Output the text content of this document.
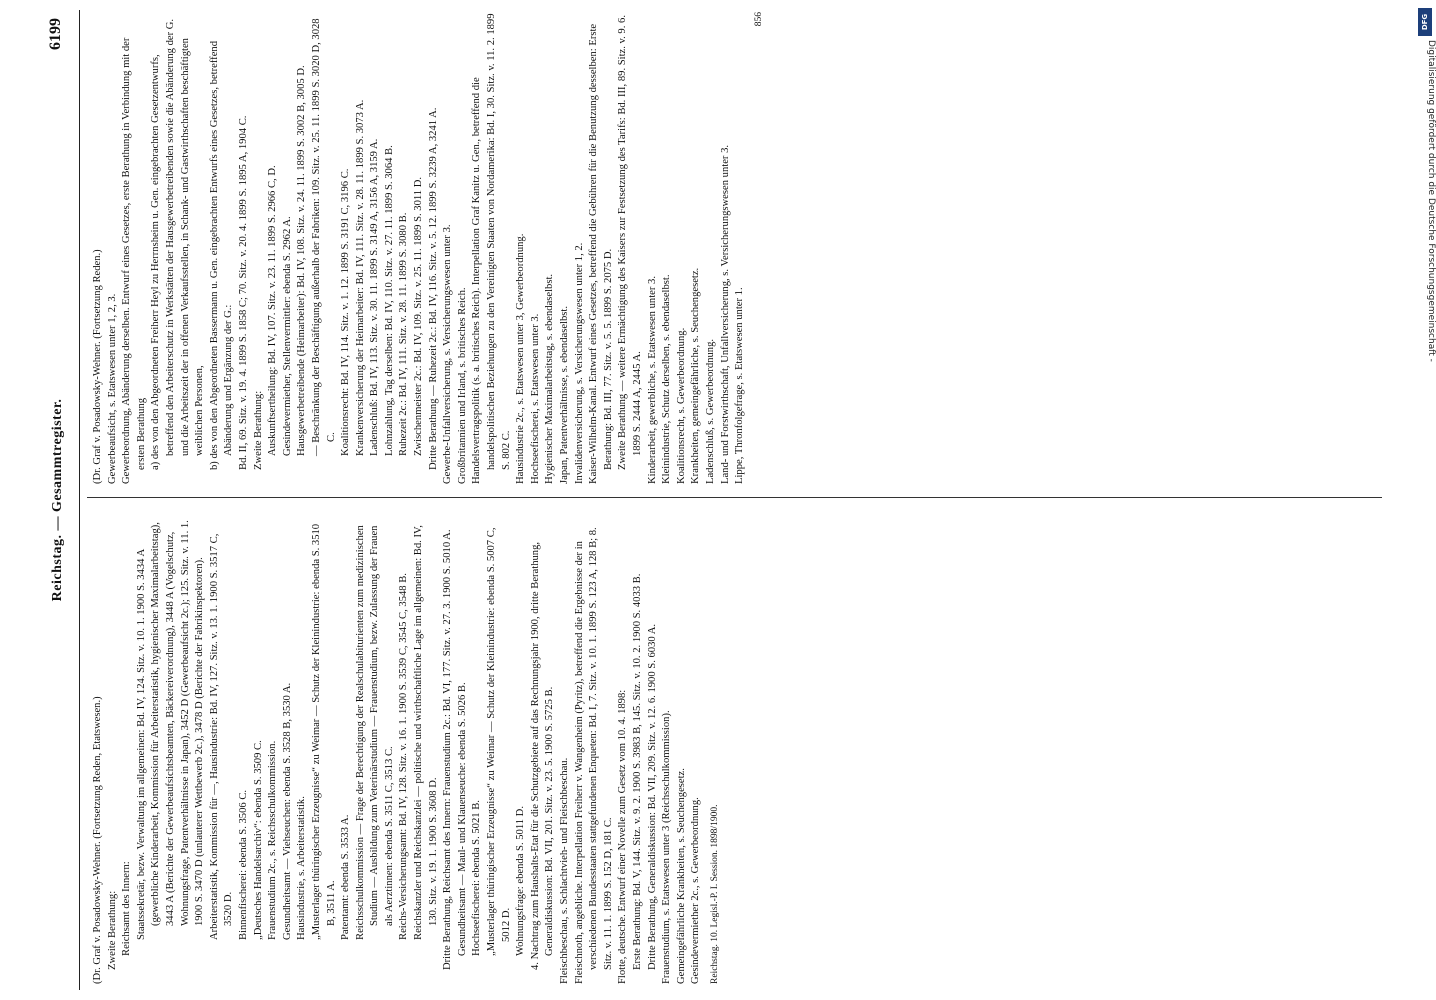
Reichstag. — Gesammtregister.
6199

(Dr. Graf v. Posadowsky-Wehner. (Fortsetzung Reden, Etatswesen.) Zweite Berathung: Reichsamt des Innern: Staatssekretär, bezw. Verwaltung im allgemeinen: Bd. IV, 124. Sitz. v. 10. 1. 1900 S. 3434 A (gewerbliche Kinderarbeit, Kommission für Arbeiterstatistik, hygienischer Maximalarbeitstag), 3443 A (Berichte der Gewerbeaufsichtsbeamten, Bäckereiverordnung), 3448 A (Vogelschutz, Wohnungsfrage, Patentverhältnisse in Japan), 3452 D (Gewerbeaufsicht 2c.); 125. Sitz. v. 11. 1. 1900 S. 3470 D (unlauterer Wettbewerb 2c.), 3478 D (Berichte der Fabrikinspektoren). Arbeiterstatistik, Kommission für —, Hausindustrie: Bd. IV, 127. Sitz. v. 13. 1. 1900 S. 3517 C, 3520 D. Binnenfischerei: ebenda S. 3506 C. „Deutsches Handelsarchiv“: ebenda S. 3509 C. Frauenstudium 2c., s. Reichsschulkommission. Gesundheitsamt — Viehseuchen: ebenda S. 3528 B, 3530 A. Hausindustrie, s. Arbeiterstatistik. „Musterlager thüringischer Erzeugnisse“ zu Weimar — Schutz der Kleinindustrie: ebenda S. 3510 B, 3511 A. Patentamt: ebenda S. 3533 A. Reichsschulkommission — Frage der Berechtigung der Realschulabiturienten zum medizinischen Studium — Ausbildung zum Veterinärstudium — Frauenstudium, bezw. Zulassung der Frauen als Aerztinnen: ebenda S. 3511 C, 3513 C. Reichs-Versicherungsamt: Bd. IV, 128. Sitz. v. 16. 1. 1900 S. 3539 C, 3545 C, 3548 B. Reichskanzler und Reichskanzlei — politische und wirthschaftliche Lage im allgemeinen: Bd. IV, 130. Sitz. v. 19. 1. 1900 S. 3608 D. Dritte Berathung, Reichsamt des Innern: Frauenstudium 2c.: Bd. VI, 177. Sitz. v. 27. 3. 1900 S. 5010 A. Gesundheitsamt — Maul- und Klauenseuche: ebenda S. 5026 B. Hochseefischerei: ebenda S. 5021 B. „Musterlager thüringischer Erzeugnisse“ zu Weimar — Schutz der Kleinindustrie: ebenda S. 5007 C, 5012 D. Wohnungsfrage: ebenda S. 5011 D. 4. Nachtrag zum Haushalts-Etat für die Schutzgebiete auf das Rechnungsjahr 1900, dritte Berathung, Generaldiskussion: Bd. VII, 201. Sitz. v. 23. 5. 1900 S. 5725 B. Fleischbeschau, s. Schlachtvieh- und Fleischbeschau. Fleischnoth, angebliche. Interpellation Freiherr v. Wangenheim (Pyritz), betreffend die Ergebnisse der in verschiedenen Bundesstaaten stattgefundenen Enqueten: Bd. I, 7. Sitz. v. 10. 1. 1899 S. 123 A, 128 B; 8. Sitz. v. 11. 1. 1899 S. 152 D, 181 C. Flotte, deutsche. Entwurf einer Novelle zum Gesetz vom 10. 4. 1898: Erste Berathung: Bd. V, 144. Sitz. v. 9. 2. 1900 S. 3983 B, 145. Sitz. v. 10. 2. 1900 S. 4033 B. Dritte Berathung, Generaldiskussion: Bd. VII, 209. Sitz. v. 12. 6. 1900 S. 6030 A. Frauenstudium, s. Etatswesen unter 3 (Reichsschulkommission). Gemeingefährliche Krankheiten, s. Seuchengesetz. Gesindevermiether 2c., s. Gewerbeordnung. Reichstag. 10. Legisl.-P. I. Session. 1898/1900.

(Dr. Graf v. Posadowsky-Wehner. (Fortsetzung Reden.) Gewerbeaufsicht, s. Etatswesen unter 1, 2, 3. Gewerbeordnung, Abänderung derselben. Entwurf eines Gesetzes, erste Berathung in Verbindung mit der ersten Berathung a) des von den Abgeordneten Freiherr Heyl zu Herrnsheim u. Gen. eingebrachten Gesetzentwurfs, betreffend den Arbeiterschutz in Werkstätten der Hausgewerbetreibenden sowie die Abänderung der G. und die Arbeitszeit der in offenen Verkaufsstellen, in Schank- und Gastwirthschaften beschäftigten weiblichen Personen, b) des von den Abgeordneten Bassermann u. Gen. eingebrachten Entwurfs eines Gesetzes, betreffend Abänderung und Ergänzung der G.: Bd. II, 69. Sitz. v. 19. 4. 1899 S. 1858 C; 70. Sitz. v. 20. 4. 1899 S. 1895 A, 1904 C. Zweite Berathung: Auskunftsertheilung: Bd. IV, 107. Sitz. v. 23. 11. 1899 S. 2966 C, D. Gesindevermiether, Stellenvermittler: ebenda S. 2962 A. Hausgewerbetreibende (Heimarbeiter): Bd. IV, 108. Sitz. v. 24. 11. 1899 S. 3002 B, 3005 D. — Beschränkung der Beschäftigung außerhalb der Fabriken: 109. Sitz. v. 25. 11. 1899 S. 3020 D, 3028 C. Koalitionsrecht: Bd. IV, 114. Sitz. v. 1. 12. 1899 S. 3191 C, 3196 C. Krankenversicherung der Heimarbeiter: Bd. IV, 111. Sitz. v. 28. 11. 1899 S. 3073 A. Ladenschluß: Bd. IV, 113. Sitz. v. 30. 11. 1899 S. 3149 A, 3156 A, 3159 A. Lohnzahlung, Tag derselben: Bd. IV, 110. Sitz. v. 27. 11. 1899 S. 3064 B. Ruhezeit 2c.: Bd. IV, 111. Sitz. v. 28. 11. 1899 S. 3080 B. Zwischenmeister 2c.: Bd. IV, 109. Sitz. v. 25. 11. 1899 S. 3011 D. Dritte Berathung — Ruhezeit 2c.: Bd. IV, 116. Sitz. v. 5. 12. 1899 S. 3239 A, 3241 A. Gewerbe-Unfallversicherung, s. Versicherungswesen unter 3. Großbritannien und Irland, s. britisches Reich. Handelsvertragspolitik (s. a. britisches Reich). Interpellation Graf Kanitz u. Gen., betreffend die handelspolitischen Beziehungen zu den Vereinigten Staaten von Nordamerika: Bd. I, 30. Sitz. v. 11. 2. 1899 S. 802 C. Hausindustrie 2c., s. Etatswesen unter 3, Gewerbeordnung. Hochseefischerei, s. Etatswesen unter 3. Hygienischer Maximalarbeitstag, s. ebendaselbst. Japan, Patentverhältnisse, s. ebendaselbst. Invalidenversicherung, s. Versicherungswesen unter 1, 2. Kaiser-Wilhelm-Kanal. Entwurf eines Gesetzes, betreffend die Gebühren für die Benutzung desselben: Erste Berathung: Bd. III, 77. Sitz. v. 5. 5. 1899 S. 2075 D. Zweite Berathung — weitere Ermächtigung des Kaisers zur Festsetzung des Tarifs: Bd. III, 89. Sitz. v. 9. 6. 1899 S. 2444 A, 2445 A. Kinderarbeit, gewerbliche, s. Etatswesen unter 3. Kleinindustrie, Schutz derselben, s. ebendaselbst. Koalitionsrecht, s. Gewerbeordnung. Krankheiten, gemeingefährliche, s. Seuchengesetz. Ladenschluß, s. Gewerbeordnung. Land- und Forstwirthschaft, Unfallversicherung, s. Versicherungswesen unter 3. Lippe, Thronfolgefrage, s. Etatswesen unter 1.

856	DFG
Digitalisierung gefördert durch die Deutsche Forschungsgemeinschaft -
